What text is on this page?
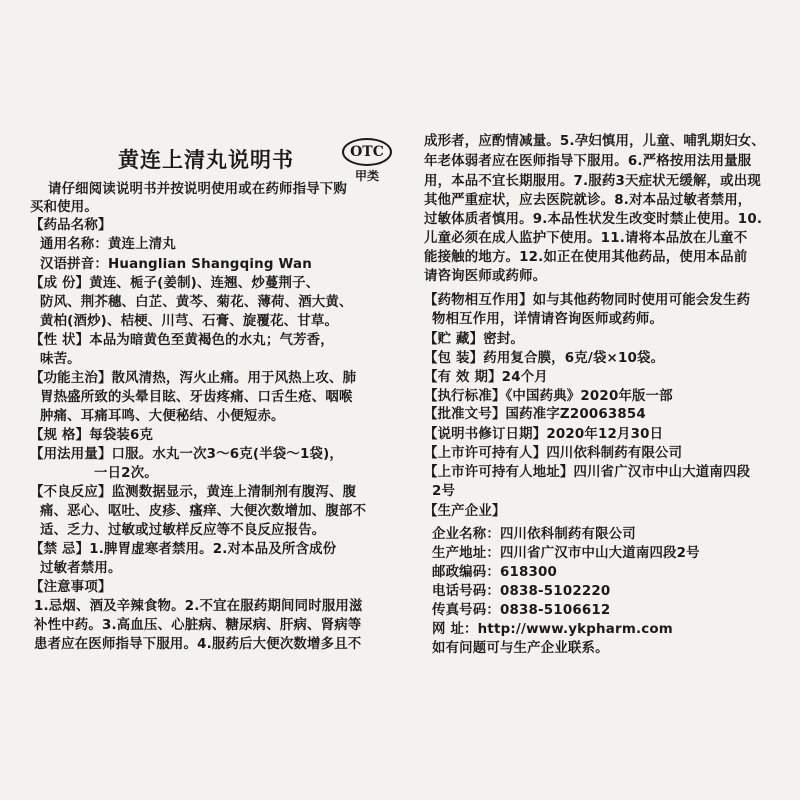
黄连上清丸说明书	OTC
甲类
请仔细阅读说明书并按说明使用或在药师指导下购
买和使用。
【药品名称】
通用名称：黄连上清丸
汉语拼音：Huanglian Shangqing Wan
【成 份】黄连、栀子(姜制)、连翘、炒蔓荆子、
防风、荆芥穗、白芷、黄芩、菊花、薄荷、酒大黄、
黄柏(酒炒)、桔梗、川芎、石膏、旋覆花、甘草。
【性 状】本品为暗黄色至黄褐色的水丸；气芳香，
味苦。
【功能主治】散风清热，泻火止痛。用于风热上攻、肺
胃热盛所致的头晕目眩、牙齿疼痛、口舌生疮、咽喉
肿痛、耳痛耳鸣、大便秘结、小便短赤。
【规 格】每袋装6克
【用法用量】口服。水丸一次3～6克(半袋～1袋)，
一日2次。
【不良反应】监测数据显示，黄连上清制剂有腹泻、腹
痛、恶心、呕吐、皮疹、瘙痒、大便次数增加、腹部不
适、乏力、过敏或过敏样反应等不良反应报告。
【禁 忌】1.脾胃虚寒者禁用。2.对本品及所含成份
过敏者禁用。
【注意事项】
1.忌烟、酒及辛辣食物。2.不宜在服药期间同时服用滋
补性中药。3.高血压、心脏病、糖尿病、肝病、肾病等
患者应在医师指导下服用。4.服药后大便次数增多且不
成形者，应酌情减量。5.孕妇慎用，儿童、哺乳期妇女、
年老体弱者应在医师指导下服用。6.严格按用法用量服
用，本品不宜长期服用。7.服药3天症状无缓解，或出现
其他严重症状，应去医院就诊。8.对本品过敏者禁用，
过敏体质者慎用。9.本品性状发生改变时禁止使用。10.
儿童必须在成人监护下使用。11.请将本品放在儿童不
能接触的地方。12.如正在使用其他药品，使用本品前
请咨询医师或药师。
【药物相互作用】如与其他药物同时使用可能会发生药
物相互作用，详情请咨询医师或药师。
【贮 藏】密封。
【包 装】药用复合膜，6克/袋×10袋。
【有 效 期】24个月
【执行标准】《中国药典》2020年版一部
【批准文号】国药准字Z20063854
【说明书修订日期】2020年12月30日
【上市许可持有人】四川依科制药有限公司
【上市许可持有人地址】四川省广汉市中山大道南四段
2号
【生产企业】
企业名称：四川依科制药有限公司
生产地址：四川省广汉市中山大道南四段2号
邮政编码：618300
电话号码：0838-5102220
传真号码：0838-5106612
网 址：http://www.ykpharm.com
如有问题可与生产企业联系。
